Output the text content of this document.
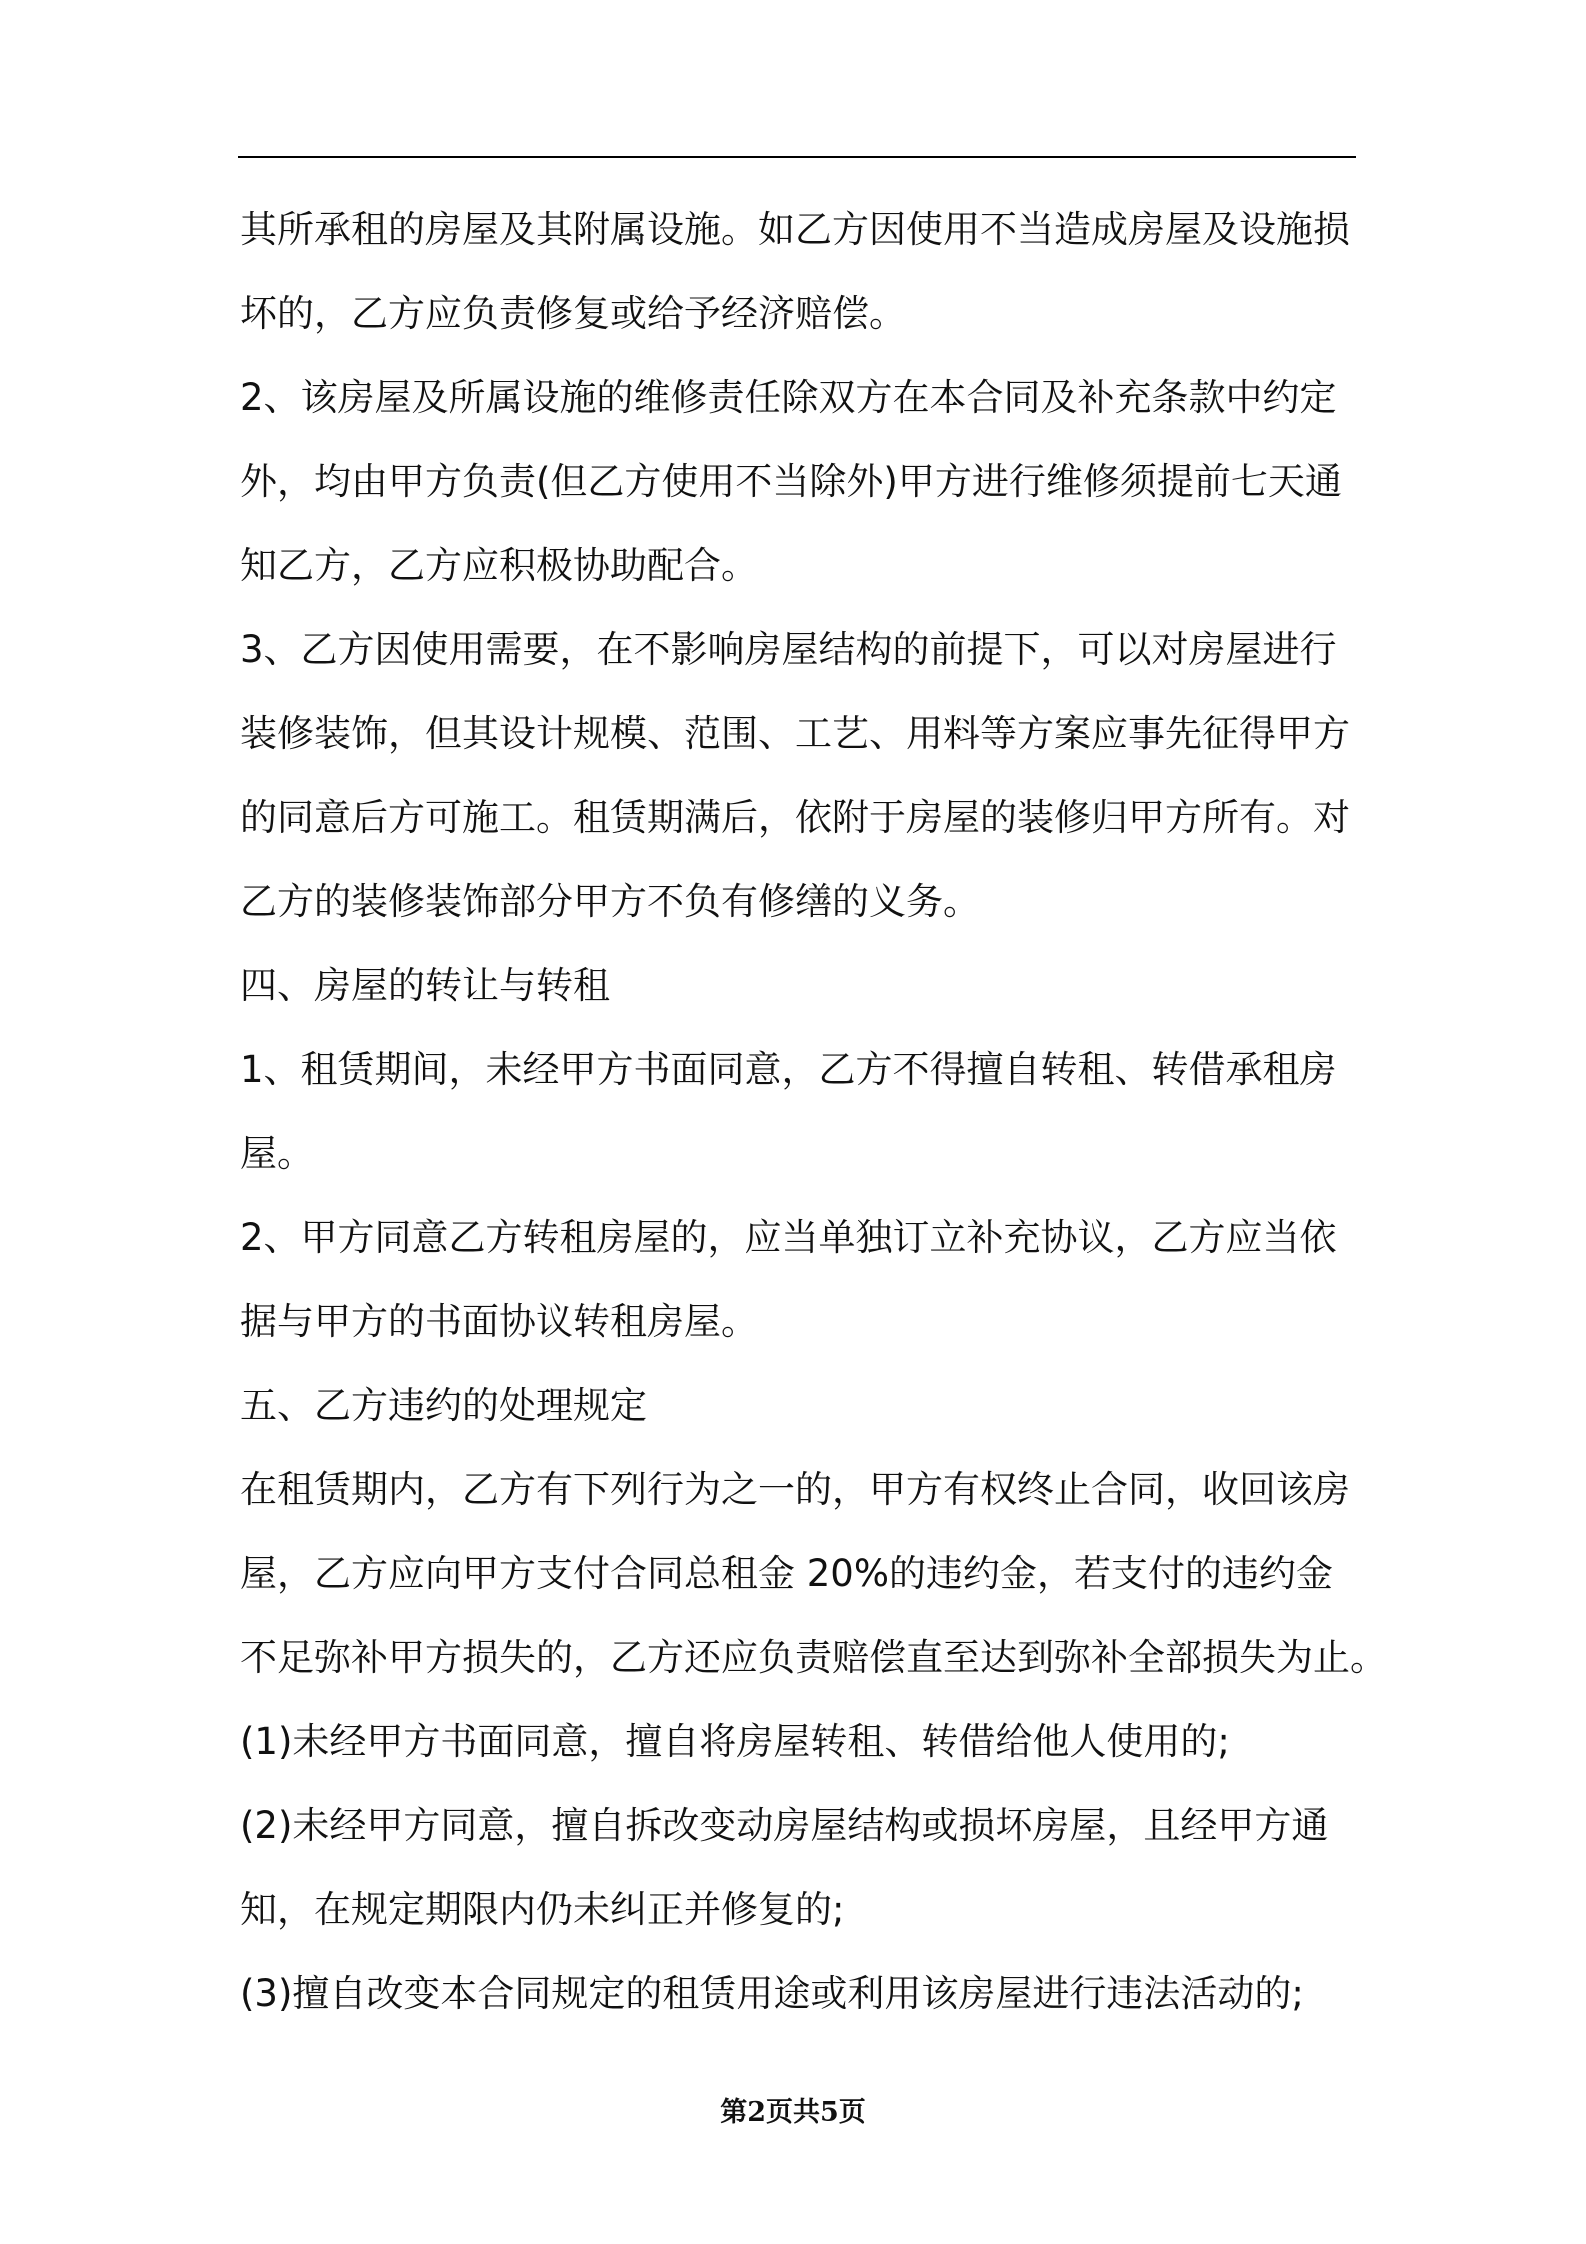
其所承租的房屋及其附属设施。如乙方因使用不当造成房屋及设施损
坏的，乙方应负责修复或给予经济赔偿。
2、该房屋及所属设施的维修责任除双方在本合同及补充条款中约定
外，均由甲方负责(但乙方使用不当除外)甲方进行维修须提前七天通
知乙方，乙方应积极协助配合。
3、乙方因使用需要，在不影响房屋结构的前提下，可以对房屋进行
装修装饰，但其设计规模、范围、工艺、用料等方案应事先征得甲方
的同意后方可施工。租赁期满后，依附于房屋的装修归甲方所有。对
乙方的装修装饰部分甲方不负有修缮的义务。
四、房屋的转让与转租
1、租赁期间，未经甲方书面同意，乙方不得擅自转租、转借承租房
屋。
2、甲方同意乙方转租房屋的，应当单独订立补充协议，乙方应当依
据与甲方的书面协议转租房屋。
五、乙方违约的处理规定
在租赁期内，乙方有下列行为之一的，甲方有权终止合同，收回该房
屋，乙方应向甲方支付合同总租金 20%的违约金，若支付的违约金
不足弥补甲方损失的，乙方还应负责赔偿直至达到弥补全部损失为止。
(1)未经甲方书面同意，擅自将房屋转租、转借给他人使用的;
(2)未经甲方同意，擅自拆改变动房屋结构或损坏房屋，且经甲方通
知，在规定期限内仍未纠正并修复的;
(3)擅自改变本合同规定的租赁用途或利用该房屋进行违法活动的;
第2页共5页
